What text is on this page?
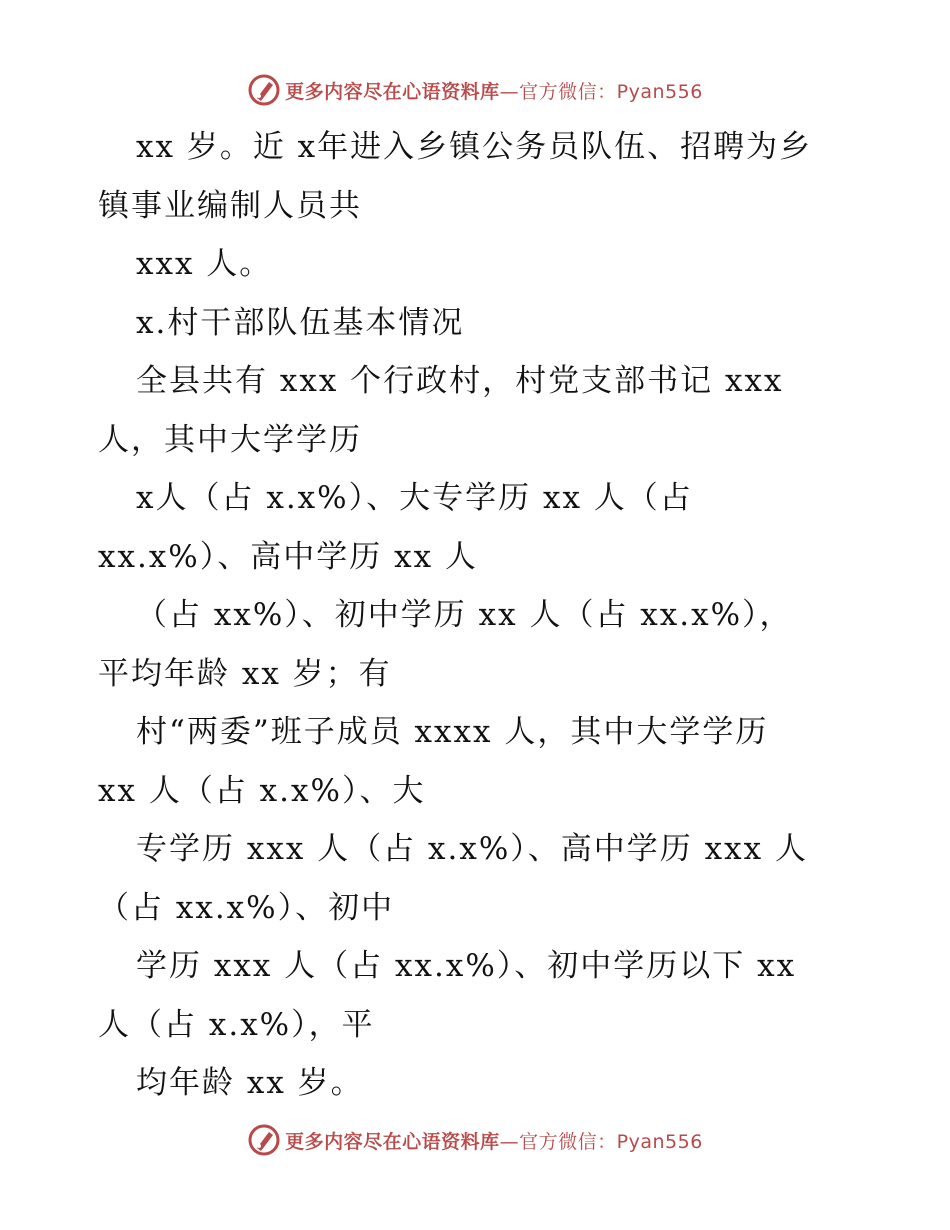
更多内容尽在心语资料库—官方微信：Pyan556
xx 岁。近 x年进入乡镇公务员队伍、招聘为乡
镇事业编制人员共
xxx 人。
x.村干部队伍基本情况
全县共有 xxx 个行政村，村党支部书记 xxx
人，其中大学学历
x人（占 x.x%）、大专学历 xx 人（占
xx.x%）、高中学历 xx 人
（占 xx%）、初中学历 xx 人（占 xx.x%），
平均年龄 xx 岁；有
村“两委”班子成员 xxxx 人，其中大学学历
xx 人（占 x.x%）、大
专学历 xxx 人（占 x.x%）、高中学历 xxx 人
（占 xx.x%）、初中
学历 xxx 人（占 xx.x%）、初中学历以下 xx
人（占 x.x%），平
均年龄 xx 岁。
更多内容尽在心语资料库—官方微信：Pyan556
